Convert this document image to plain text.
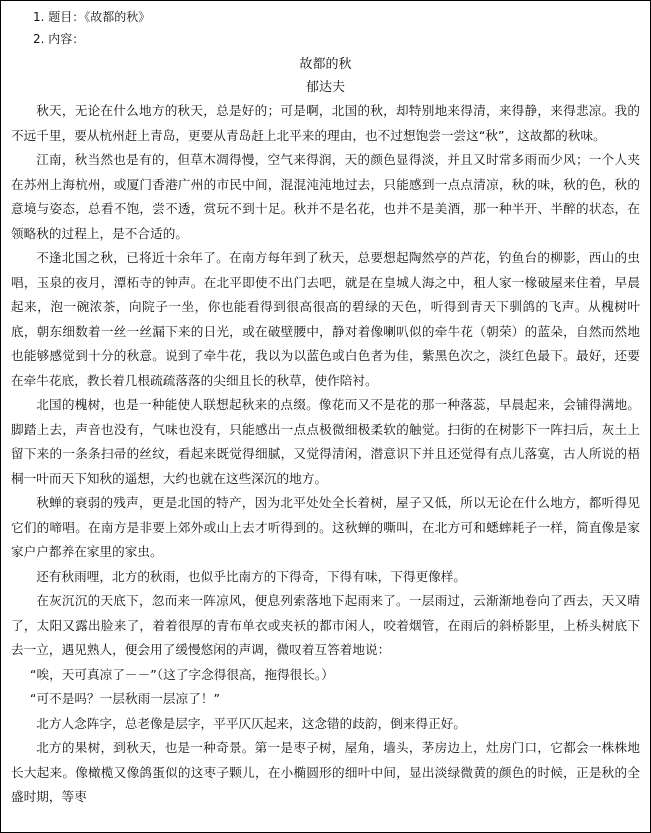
1. 题目：《故都的秋》
2. 内容：
故都的秋
郁达夫

秋天，无论在什么地方的秋天，总是好的；可是啊，北国的秋，却特别地来得清，来得静，来得悲凉。我的不远千里，要从杭州赶上青岛，更要从青岛赶上北平来的理由，也不过想饱尝一尝这“秋”，这故都的秋味。

江南，秋当然也是有的，但草木凋得慢，空气来得润，天的颜色显得淡，并且又时常多雨而少风；一个人夹在苏州上海杭州，或厦门香港广州的市民中间，混混沌沌地过去，只能感到一点点清凉，秋的味，秋的色，秋的意境与姿态，总看不饱，尝不透，赏玩不到十足。秋并不是名花，也并不是美酒，那一种半开、半醉的状态，在领略秋的过程上，是不合适的。

不逢北国之秋，已将近十余年了。在南方每年到了秋天，总要想起陶然亭的芦花，钓鱼台的柳影，西山的虫唱，玉泉的夜月，潭柘寺的钟声。在北平即使不出门去吧，就是在皇城人海之中，租人家一椽破屋来住着，早晨起来，泡一碗浓茶，向院子一坐，你也能看得到很高很高的碧绿的天色，听得到青天下驯鸽的飞声。从槐树叶底，朝东细数着一丝一丝漏下来的日光，或在破壁腰中，静对着像喇叭似的牵牛花（朝荣）的蓝朵，自然而然地也能够感觉到十分的秋意。说到了牵牛花，我以为以蓝色或白色者为佳，紫黑色次之，淡红色最下。最好，还要在牵牛花底，教长着几根疏疏落落的尖细且长的秋草，使作陪衬。

北国的槐树，也是一种能使人联想起秋来的点缀。像花而又不是花的那一种落蕊，早晨起来，会铺得满地。脚踏上去，声音也没有，气味也没有，只能感出一点点极微细极柔软的触觉。扫街的在树影下一阵扫后，灰土上留下来的一条条扫帚的丝纹，看起来既觉得细腻，又觉得清闲，潜意识下并且还觉得有点儿落寞，古人所说的梧桐一叶而天下知秋的遥想，大约也就在这些深沉的地方。

秋蝉的衰弱的残声，更是北国的特产，因为北平处处全长着树，屋子又低，所以无论在什么地方，都听得见它们的啼唱。在南方是非要上郊外或山上去才听得到的。这秋蝉的嘶叫，在北方可和蟋蟀耗子一样，简直像是家家户户都养在家里的家虫。

还有秋雨哩，北方的秋雨，也似乎比南方的下得奇，下得有味，下得更像样。

在灰沉沉的天底下，忽而来一阵凉风，便息列索落地下起雨来了。一层雨过，云渐渐地卷向了西去，天又晴了，太阳又露出脸来了，着着很厚的青布单衣或夹袄的都市闲人，咬着烟管，在雨后的斜桥影里，上桥头树底下去一立，遇见熟人，便会用了缓慢悠闲的声调，微叹着互答着地说：

“唉，天可真凉了－－”（这了字念得很高，拖得很长。）

“可不是吗？一层秋雨一层凉了！”

北方人念阵字，总老像是层字，平平仄仄起来，这念错的歧韵，倒来得正好。

北方的果树，到秋天，也是一种奇景。第一是枣子树，屋角，墙头，茅房边上，灶房门口，它都会一株株地长大起来。像橄榄又像鸽蛋似的这枣子颗儿，在小椭圆形的细叶中间，显出淡绿微黄的颜色的时候，正是秋的全盛时期，等枣
